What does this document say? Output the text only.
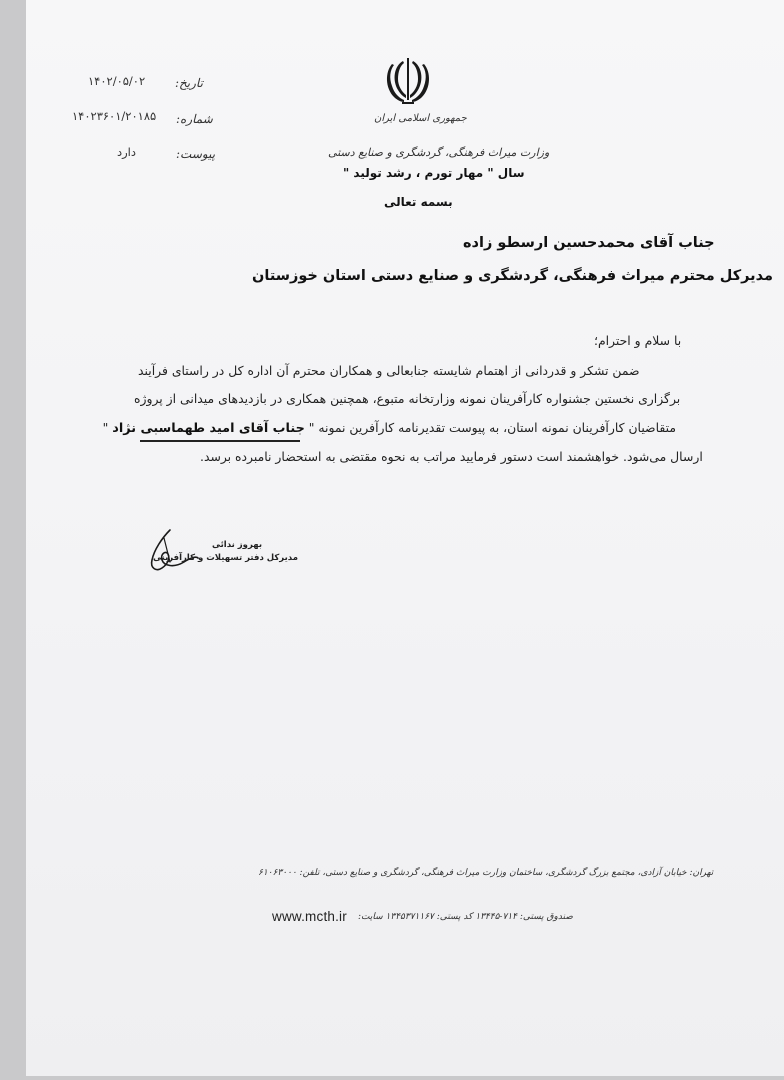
تاریخ:
۱۴۰۲/۰۵/۰۲
شماره:
۱۴۰۲۳۶۰۱/۲۰۱۸۵
پیوست:
دارد
جمهوری اسلامی ایران
وزارت میراث فرهنگی، گردشگری و صنایع دستی
سال " مهار تورم ، رشد تولید "
بسمه تعالی
جناب آقای محمدحسین ارسطو زاده
مدیرکل محترم میراث فرهنگی، گردشگری و صنایع دستی استان خوزستان
با سلام و احترام؛
ضمن تشکر و قدردانی از اهتمام شایسته جنابعالی و همکاران محترم آن اداره کل در راستای فرآیند
برگزاری نخستین جشنواره کارآفرینان نمونه وزارتخانه متبوع، همچنین همکاری در بازدیدهای میدانی از پروژه
متقاضیان کارآفرینان نمونه استان، به پیوست تقدیرنامه کارآفرین نمونه " جناب آقای امید طهماسبی نژاد "
ارسال می‌شود. خواهشمند است دستور فرمایید مراتب به نحوه مقتضی به استحضار نامبرده برسد.
بهروز ندائی
مدیرکل دفتر تسهیلات و کارآفرینی
تهران: خیابان آزادی، مجتمع بزرگ گردشگری، ساختمان وزارت میراث فرهنگی، گردشگری و صنایع دستی، تلفن: ۶۱۰۶۳۰۰۰
www.mcth.ir صندوق پستی: ۷۱۴-۱۳۴۴۵ کد پستی: ۱۳۴۵۳۷۱۱۶۷ سایت:
